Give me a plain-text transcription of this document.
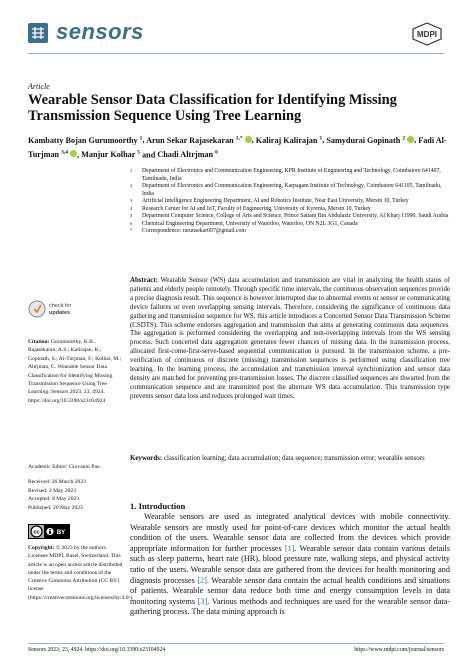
sensors	MDPI
Article
Wearable Sensor Data Classification for Identifying Missing Transmission Sequence Using Tree Learning
Kambatty Bojan Gurumoorthy $^1$, Arun Sekar Rajasekaran $^{1,*}$ , Kaliraj Kalirajan $^1$, Samydurai Gopinath $^2$ , Fadi Al-Turjman $^{3,4}$ , Manjur Kolhar $^5$ and Chadi Altrjman $^6$
1 Department of Electronics and Communication Engineering, KPR Institute of Engineering and Technology, Coimbatore 641407, Tamilnadu, India
2 Department of Electronics and Communication Engineering, Karpagam Institute of Technology, Coimbatore 641105, Tamilnadu, India
3 Artificial Intelligence Engineering Department, AI and Robotics Institute, Near East University, Mersin 10, Turkey
4 Research Center for AI and IoT, Faculty of Engineering, University of Kyrenia, Mersin 10, Turkey
5 Department Computer Science, College of Arts and Science, Prince Sattam Bin Abdulaziz University, Al Kharj 11990, Saudi Arabia
6 Chemical Engineering Department, University of Waterloo, Waterloo, ON N2L 3G1, Canada
* Correspondence: rarunsekar007@gmail.com
Abstract: Wearable Sensor (WS) data accumulation and transmission are vital in analyzing the health status of patients and elderly people remotely. Through specific time intervals, the continuous observation sequences provide a precise diagnosis result. This sequence is however interrupted due to abnormal events or sensor or communicating device failures or even overlapping sensing intervals. Therefore, considering the significance of continuous data gathering and transmission sequence for WS, this article introduces a Concerted Sensor Data Transmission Scheme (CSDTS). This scheme endorses aggregation and transmission that aims at generating continuous data sequences. The aggregation is performed considering the overlapping and non-overlapping intervals from the WS sensing process. Such concerted data aggregation generates fewer chances of missing data. In the transmission process, allocated first-come-first-serve-based sequential communication is pursued. In the transmission scheme, a pre-verification of continuous or discrete (missing) transmission sequences is performed using classification tree learning. In the learning process, the accumulation and transmission interval synchronization and sensor data density are matched for preventing pre-transmission losses. The discrete classified sequences are thwarted from the communication sequence and are transmitted post the alternate WS data accumulation. This transmission type prevents sensor data loss and reduces prolonged wait times.
Keywords: classification learning; data accumulation; data sequence; transmission error; wearable sensors
check for
updates
Citation: Gurumoorthy, K.B.; Rajasekaran, A.S.; Kalirajan, K.; Gopinath, S.; Al-Turjman, F.; Kolhar, M.; Altrjman, C. Wearable Sensor Data Classification for Identifying Missing Transmission Sequence Using Tree Learning. Sensors 2023, 23, 4924. https://doi.org/10.3390/s23104924
Academic Editor: Giovanni Pau
Received: 26 March 2023
Revised: 2 May 2023
Accepted: 8 May 2023
Published: 20 May 2023
cc	BY
Copyright: © 2023 by the authors. Licensee MDPI, Basel, Switzerland. This article is an open access article distributed under the terms and conditions of the Creative Commons Attribution (CC BY) license (https://creativecommons.org/licenses/by/4.0/).
1. Introduction
Wearable sensors are used as integrated analytical devices with mobile connectivity. Wearable sensors are mostly used for point-of-care devices which monitor the actual health condition of the users. Wearable sensor data are collected from the devices which provide appropriate information for further processes [1]. Wearable sensor data contain various details such as sleep patterns, heart rate (HR), blood pressure rate, walking steps, and physical activity ratio of the users. Wearable sensor data are gathered from the devices for health monitoring and diagnosis processes [2]. Wearable sensor data contain the actual health conditions and situations of patients. Wearable sensor data reduce both time and energy consumption levels in data monitoring systems [3]. Various methods and techniques are used for the wearable sensor data-gathering process. The data mining approach is
Sensors 2023, 23, 4924. https://doi.org/10.3390/s23104924	https://www.mdpi.com/journal/sensors
